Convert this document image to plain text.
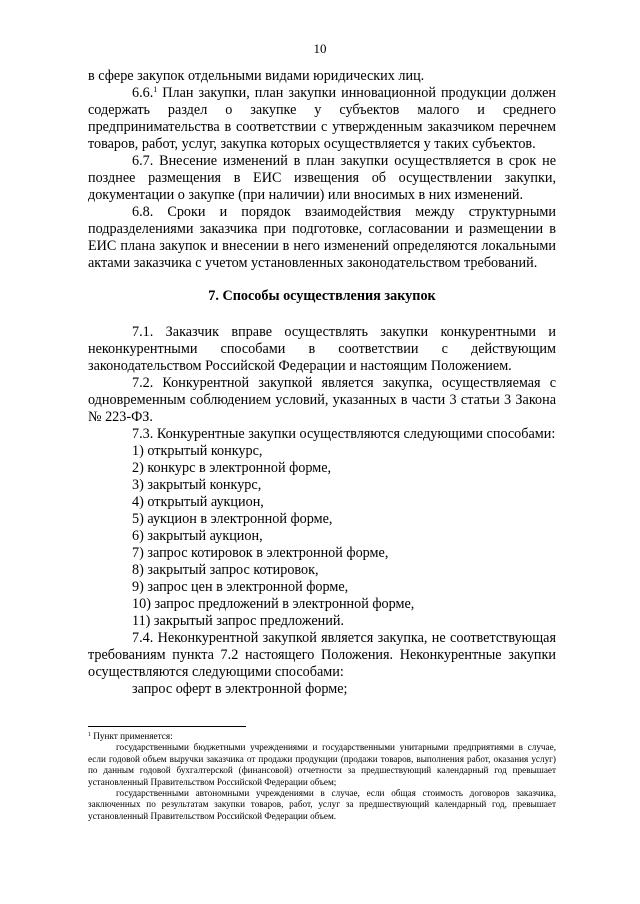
10

в сфере закупок отдельными видами юридических лиц.

6.6.$^1$ План закупки, план закупки инновационной продукции должен содержать раздел о закупке у субъектов малого и среднего предпринимательства в соответствии с утвержденным заказчиком перечнем товаров, работ, услуг, закупка которых осуществляется у таких субъектов.

6.7. Внесение изменений в план закупки осуществляется в срок не позднее размещения в ЕИС извещения об осуществлении закупки, документации о закупке (при наличии) или вносимых в них изменений.

6.8. Сроки и порядок взаимодействия между структурными подразделениями заказчика при подготовке, согласовании и размещении в ЕИС плана закупок и внесении в него изменений определяются локальными актами заказчика с учетом установленных законодательством требований.

7. Способы осуществления закупок

7.1. Заказчик вправе осуществлять закупки конкурентными и неконкурентными способами в соответствии с действующим законодательством Российской Федерации и настоящим Положением.

7.2. Конкурентной закупкой является закупка, осуществляемая с одновременным соблюдением условий, указанных в части 3 статьи 3 Закона № 223-ФЗ.

7.3. Конкурентные закупки осуществляются следующими способами:

1) открытый конкурс,

2) конкурс в электронной форме,

3) закрытый конкурс,

4) открытый аукцион,

5) аукцион в электронной форме,

6) закрытый аукцион,

7) запрос котировок в электронной форме,

8) закрытый запрос котировок,

9) запрос цен в электронной форме,

10) запрос предложений в электронной форме,

11) закрытый запрос предложений.

7.4. Неконкурентной закупкой является закупка, не соответствующая требованиям пункта 7.2 настоящего Положения. Неконкурентные закупки осуществляются следующими способами:

запрос оферт в электронной форме;

$^1$ Пункт применяется:

государственными бюджетными учреждениями и государственными унитарными предприятиями в случае, если годовой объем выручки заказчика от продажи продукции (продажи товаров, выполнения работ, оказания услуг) по данным годовой бухгалтерской (финансовой) отчетности за предшествующий календарный год превышает установленный Правительством Российской Федерации объем;

государственными автономными учреждениями в случае, если общая стоимость договоров заказчика, заключенных по результатам закупки товаров, работ, услуг за предшествующий календарный год, превышает установленный Правительством Российской Федерации объем.
